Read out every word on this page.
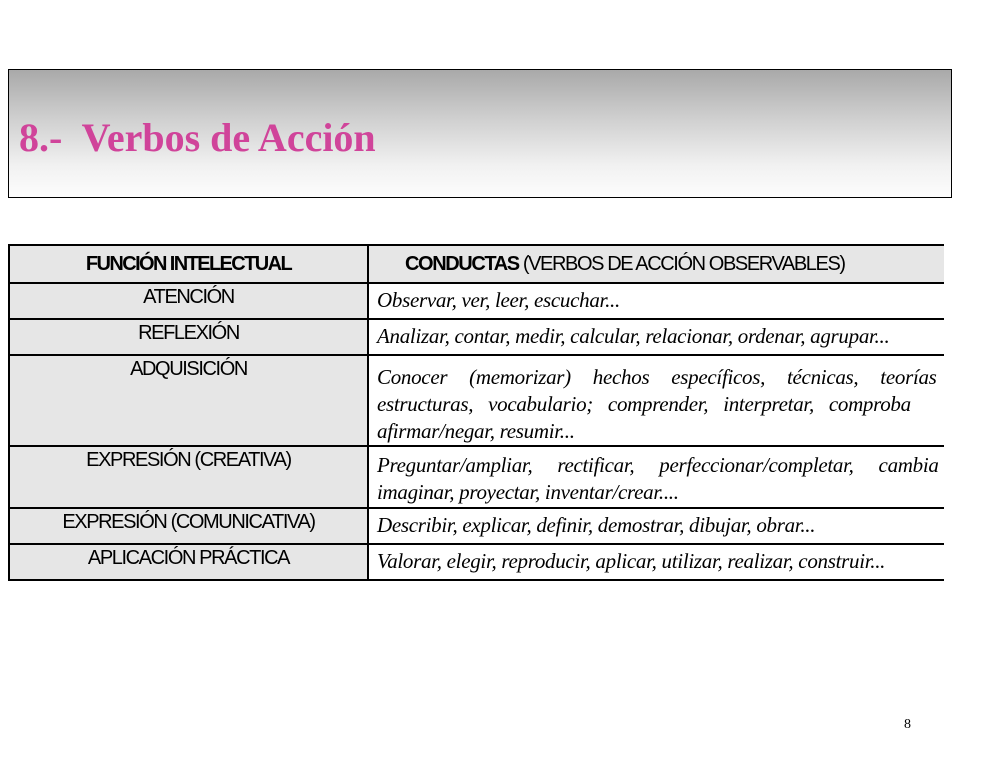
8.-  Verbos de Acción
FUNCIÓN INTELECTUAL	CONDUCTAS (VERBOS DE ACCIÓN OBSERVABLES)
ATENCIÓN	Observar, ver, leer, escuchar...

REFLEXIÓN	Analizar, contar, medir, calcular, relacionar, ordenar, agrupar...

ADQUISICIÓN	Conocer (memorizar) hechos específicos, técnicas, teorías
estructuras, vocabulario; comprender, interpretar, comproba
afirmar/negar, resumir...

EXPRESIÓN (CREATIVA)	Preguntar/ampliar, rectificar, perfeccionar/completar, cambia
imaginar, proyectar, inventar/crear....

EXPRESIÓN (COMUNICATIVA)	Describir, explicar, definir, demostrar, dibujar, obrar...

APLICACIÓN PRÁCTICA	Valorar, elegir, reproducir, aplicar, utilizar, realizar, construir...
8
